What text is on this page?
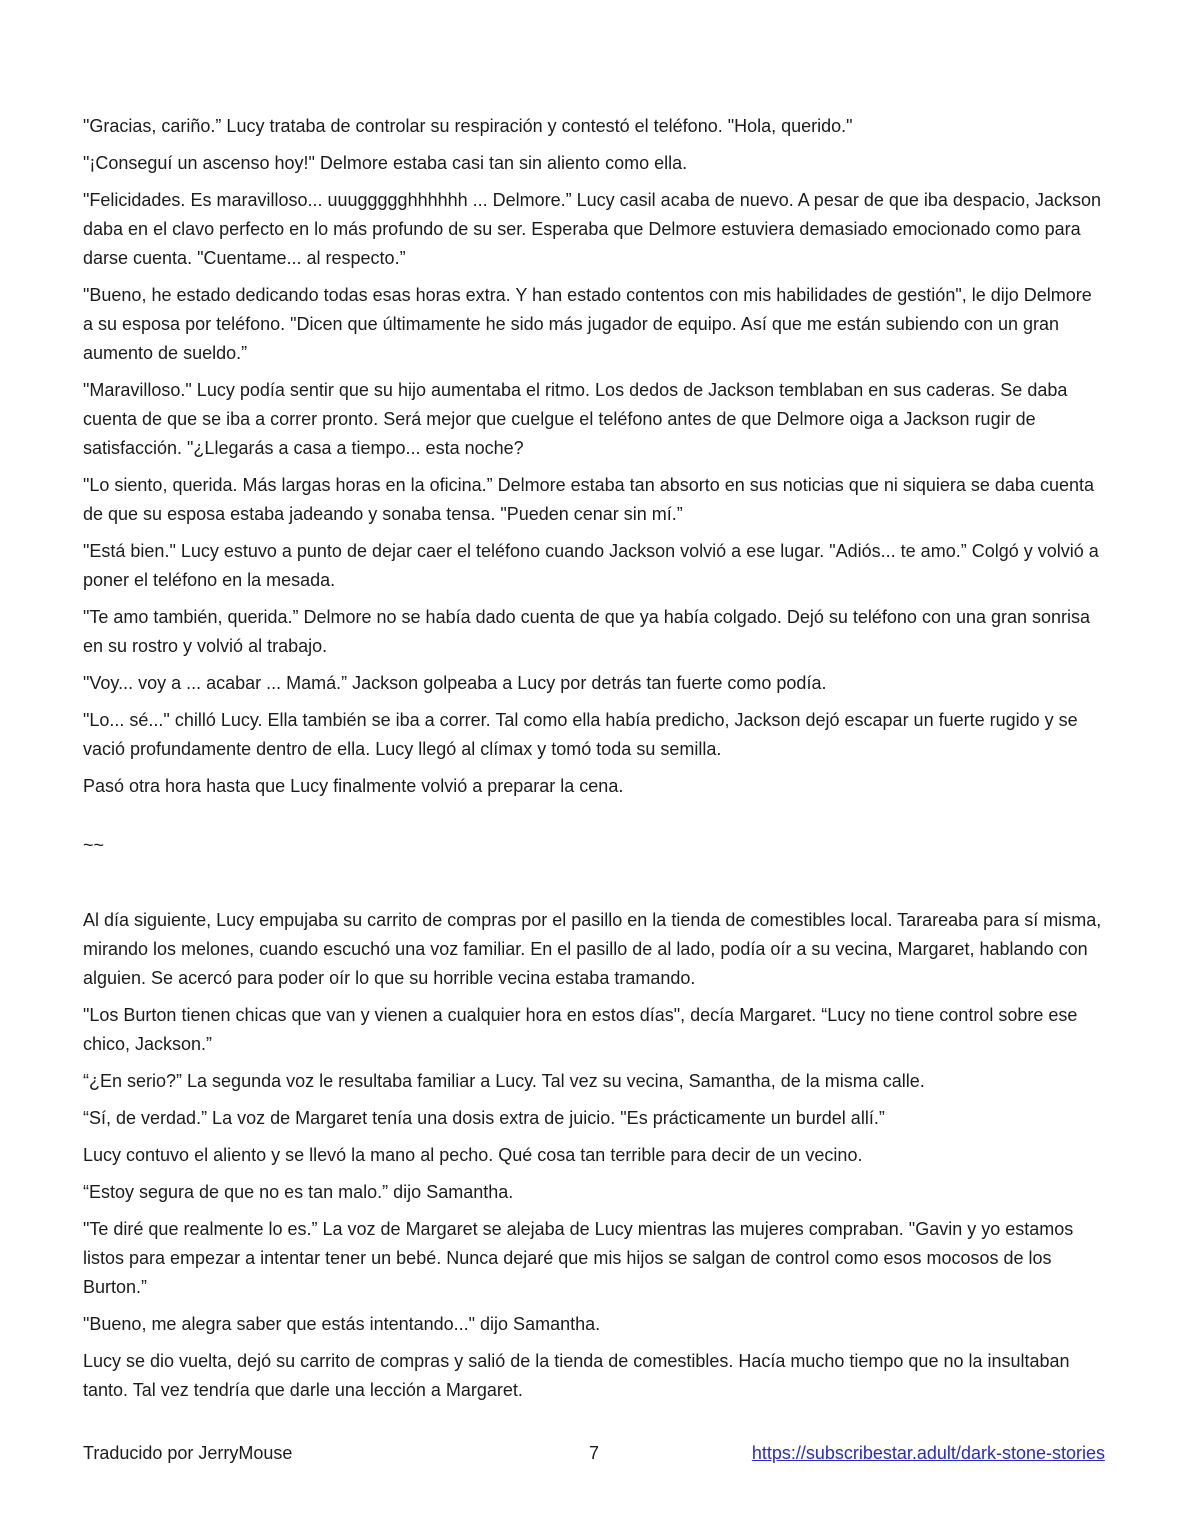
"Gracias, cariño.” Lucy trataba de controlar su respiración y contestó el teléfono. "Hola, querido."

"¡Conseguí un ascenso hoy!" Delmore estaba casi tan sin aliento como ella.

"Felicidades. Es maravilloso... uuuggggghhhhhh ... Delmore.” Lucy casil acaba de nuevo. A pesar de que iba despacio, Jackson daba en el clavo perfecto en lo más profundo de su ser. Esperaba que Delmore estuviera demasiado emocionado como para darse cuenta. "Cuentame... al respecto.”

"Bueno, he estado dedicando todas esas horas extra. Y han estado contentos con mis habilidades de gestión", le dijo Delmore a su esposa por teléfono. "Dicen que últimamente he sido más jugador de equipo. Así que me están subiendo con un gran aumento de sueldo.”

"Maravilloso." Lucy podía sentir que su hijo aumentaba el ritmo. Los dedos de Jackson temblaban en sus caderas. Se daba cuenta de que se iba a correr pronto. Será mejor que cuelgue el teléfono antes de que Delmore oiga a Jackson rugir de satisfacción. "¿Llegarás a casa a tiempo... esta noche?

"Lo siento, querida. Más largas horas en la oficina.” Delmore estaba tan absorto en sus noticias que ni siquiera se daba cuenta de que su esposa estaba jadeando y sonaba tensa. "Pueden cenar sin mí.”

"Está bien." Lucy estuvo a punto de dejar caer el teléfono cuando Jackson volvió a ese lugar. "Adiós... te amo.” Colgó y volvió a poner el teléfono en la mesada.

"Te amo también, querida.” Delmore no se había dado cuenta de que ya había colgado. Dejó su teléfono con una gran sonrisa en su rostro y volvió al trabajo.

"Voy... voy a ... acabar ... Mamá.” Jackson golpeaba a Lucy por detrás tan fuerte como podía.

"Lo... sé..." chilló Lucy. Ella también se iba a correr. Tal como ella había predicho, Jackson dejó escapar un fuerte rugido y se vació profundamente dentro de ella. Lucy llegó al clímax y tomó toda su semilla.

Pasó otra hora hasta que Lucy finalmente volvió a preparar la cena.

~~

Al día siguiente, Lucy empujaba su carrito de compras por el pasillo en la tienda de comestibles local. Tarareaba para sí misma, mirando los melones, cuando escuchó una voz familiar. En el pasillo de al lado, podía oír a su vecina, Margaret, hablando con alguien. Se acercó para poder oír lo que su horrible vecina estaba tramando.

"Los Burton tienen chicas que van y vienen a cualquier hora en estos días", decía Margaret. “Lucy no tiene control sobre ese chico, Jackson.”

“¿En serio?” La segunda voz le resultaba familiar a Lucy. Tal vez su vecina, Samantha, de la misma calle.

“Sí, de verdad.” La voz de Margaret tenía una dosis extra de juicio. "Es prácticamente un burdel allí.”

Lucy contuvo el aliento y se llevó la mano al pecho. Qué cosa tan terrible para decir de un vecino.

“Estoy segura de que no es tan malo.” dijo Samantha.

"Te diré que realmente lo es.” La voz de Margaret se alejaba de Lucy mientras las mujeres compraban. "Gavin y yo estamos listos para empezar a intentar tener un bebé. Nunca dejaré que mis hijos se salgan de control como esos mocosos de los Burton.”

"Bueno, me alegra saber que estás intentando..." dijo Samantha.

Lucy se dio vuelta, dejó su carrito de compras y salió de la tienda de comestibles. Hacía mucho tiempo que no la insultaban tanto. Tal vez tendría que darle una lección a Margaret.

Traducido por JerryMouse	7	https://subscribestar.adult/dark-stone-stories
